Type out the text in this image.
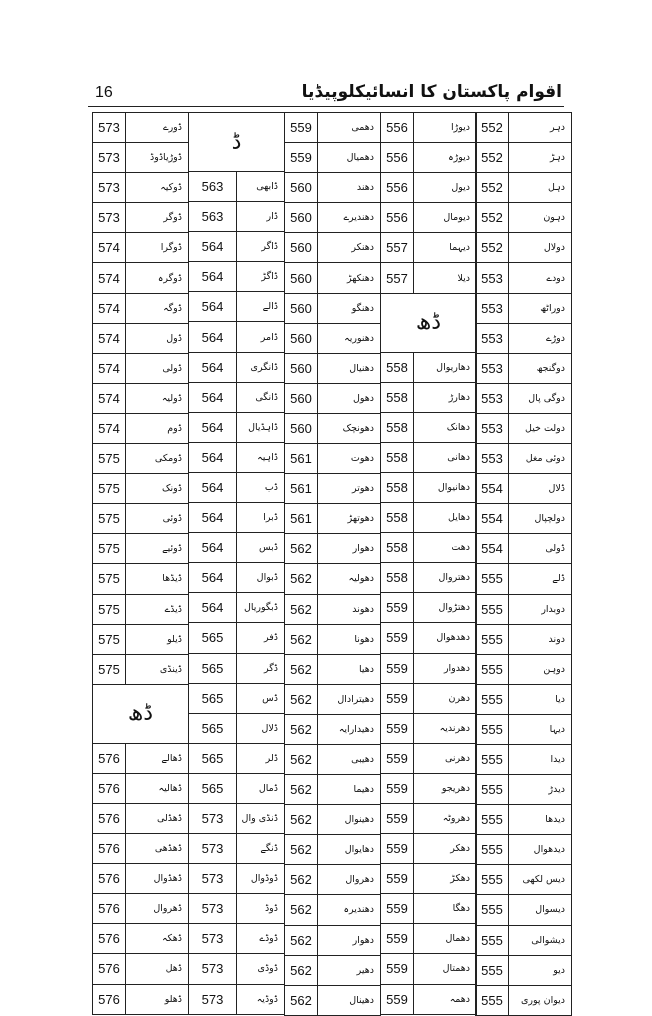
16	اقوام پاکستان کا انسائیکلوپیڈیا
552	دہر
552	دہڑ
552	دہل
552	دہون
552	دولال
553	دودے
553	دوراٹھ
553	دوڑے
553	دوگنجھ
553	دوگی پال
553	دولت خیل
553	دوئی مغل
554	ڈلال
554	دولچپال
554	ڈولی
555	ڈلے
555	دوبدار
555	دوند
555	دوہن
555	دیا
555	دیہا
555	دیدا
555	دیدڑ
555	دیدھا
555	دیدھوال
555	دیس لکھی
555	دیسوال
555	دیشوالی
555	دیو
555	دیوان پوری
556	دیوڑا
556	دیوڑہ
556	دیول
556	دیومال
557	دیہما
557	دیلا
ڈھ	
558	دھاریوال
558	دھارڑ
558	دھانک
558	دھانی
558	دھانیوال
558	دھایل
558	دھت
558	دھتروال
559	دھتڑوال
559	دھدھوال
559	دھدوار
559	دھرن
559	دھرندیہ
559	دھرنی
559	دھریجو
559	دھروٹہ
559	دھکر
559	دھکڑ
559	دھگا
559	دھمال
559	دھمتال
559	دھمہ
559	دھمی
559	دھمیال
560	دھند
560	دھندیرے
560	دھنکر
560	دھنکھڑ
560	دھنگو
560	دھنوریہ
560	دھنیال
560	دھول
560	دھونچک
561	دھوت
561	دھوتر
561	دھوتھڑ
562	دھوار
562	دھولیہ
562	دھوند
562	دھونا
562	دھیا
562	دھیترادال
562	دھیدارایہ
562	دھیبی
562	دھیما
562	دھینوال
562	دھایوال
562	دھروال
562	دھندیرہ
562	دھوار
562	دھیر
562	دھینال
ڈ	
563	ڈابھی
563	ڈار
564	ڈاگر
564	ڈاگڑ
564	ڈالے
564	ڈامر
564	ڈانگری
564	ڈانگی
564	ڈاہڈیال
564	ڈاہیہ
564	ڈب
564	ڈبرا
564	ڈبس
564	ڈبوال
564	ڈبگوریال
565	ڈفر
565	ڈگر
565	ڈس
565	ڈلال
565	ڈلر
565	ڈمال
573	ڈنڈی وال
573	ڈنگے
573	ڈوڈوال
573	ڈوڈ
573	ڈوڈے
573	ڈوڈی
573	ڈوڈیہ
573	ڈورے
573	ڈوڑیاڈوڈ
573	ڈوکیہ
573	ڈوگر
574	ڈوگرا
574	ڈوگرہ
574	ڈوگہ
574	ڈول
574	ڈولی
574	ڈولیہ
574	ڈوم
575	ڈومکی
575	ڈونک
575	ڈوئی
575	ڈوئیے
575	ڈیڈھا
575	ڈیڈے
575	ڈیلو
575	ڈینڈی
ڈھ	
576	ڈھالے
576	ڈھالیہ
576	ڈھڈلی
576	ڈھڈھی
576	ڈھڈوال
576	ڈھروال
576	ڈھکہ
576	ڈھل
576	ڈھلو
